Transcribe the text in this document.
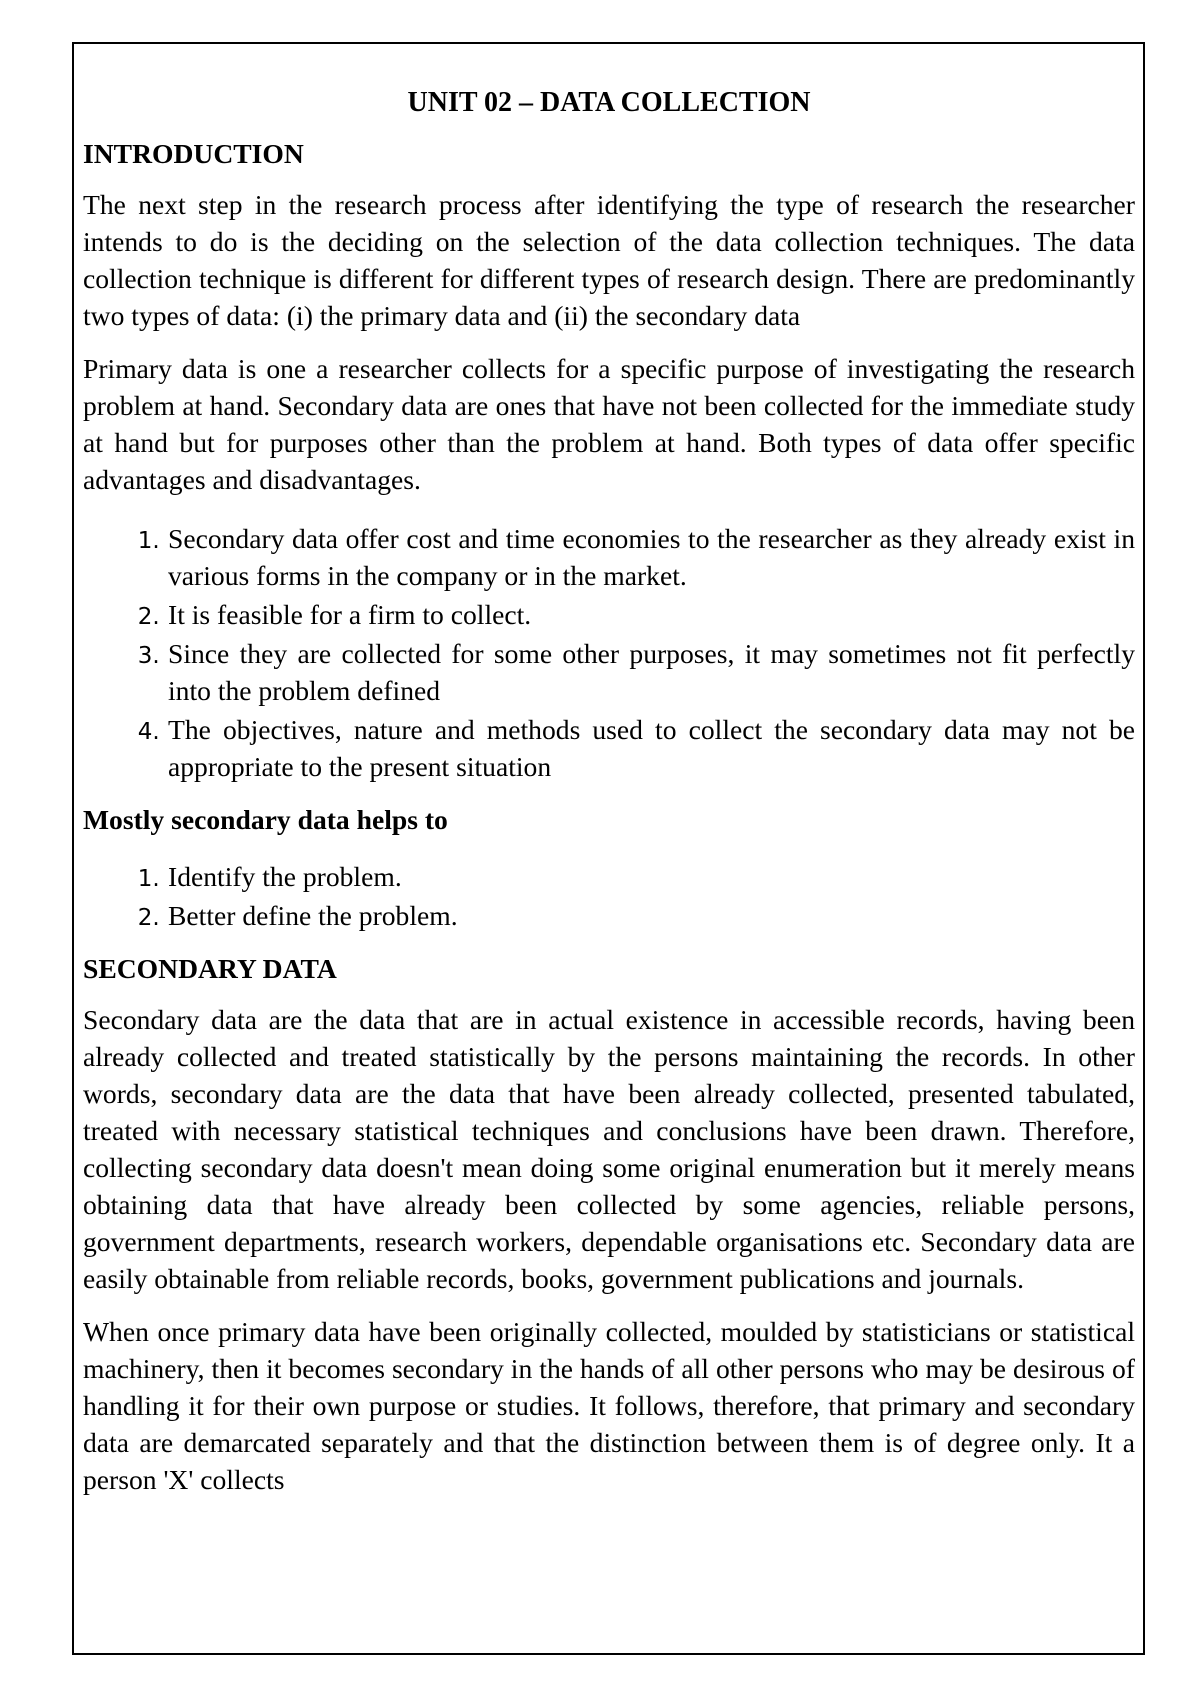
UNIT 02 – DATA COLLECTION
INTRODUCTION

The next step in the research process after identifying the type of research the researcher intends to do is the deciding on the selection of the data collection techniques. The data collection technique is different for different types of research design. There are predominantly two types of data: (i) the primary data and (ii) the secondary data

Primary data is one a researcher collects for a specific purpose of investigating the research problem at hand. Secondary data are ones that have not been collected for the immediate study at hand but for purposes other than the problem at hand. Both types of data offer specific advantages and disadvantages.

1. Secondary data offer cost and time economies to the researcher as they already exist in various forms in the company or in the market.
2. It is feasible for a firm to collect.
3. Since they are collected for some other purposes, it may sometimes not fit perfectly into the problem defined
4. The objectives, nature and methods used to collect the secondary data may not be appropriate to the present situation
Mostly secondary data helps to
1. Identify the problem.
2. Better define the problem.
SECONDARY DATA

Secondary data are the data that are in actual existence in accessible records, having been already collected and treated statistically by the persons maintaining the records. In other words, secondary data are the data that have been already collected, presented tabulated, treated with necessary statistical techniques and conclusions have been drawn. Therefore, collecting secondary data doesn't mean doing some original enumeration but it merely means obtaining data that have already been collected by some agencies, reliable persons, government departments, research workers, dependable organisations etc. Secondary data are easily obtainable from reliable records, books, government publications and journals.

When once primary data have been originally collected, moulded by statisticians or statistical machinery, then it becomes secondary in the hands of all other persons who may be desirous of handling it for their own purpose or studies. It follows, therefore, that primary and secondary data are demarcated separately and that the distinction between them is of degree only. It a person 'X' collects
